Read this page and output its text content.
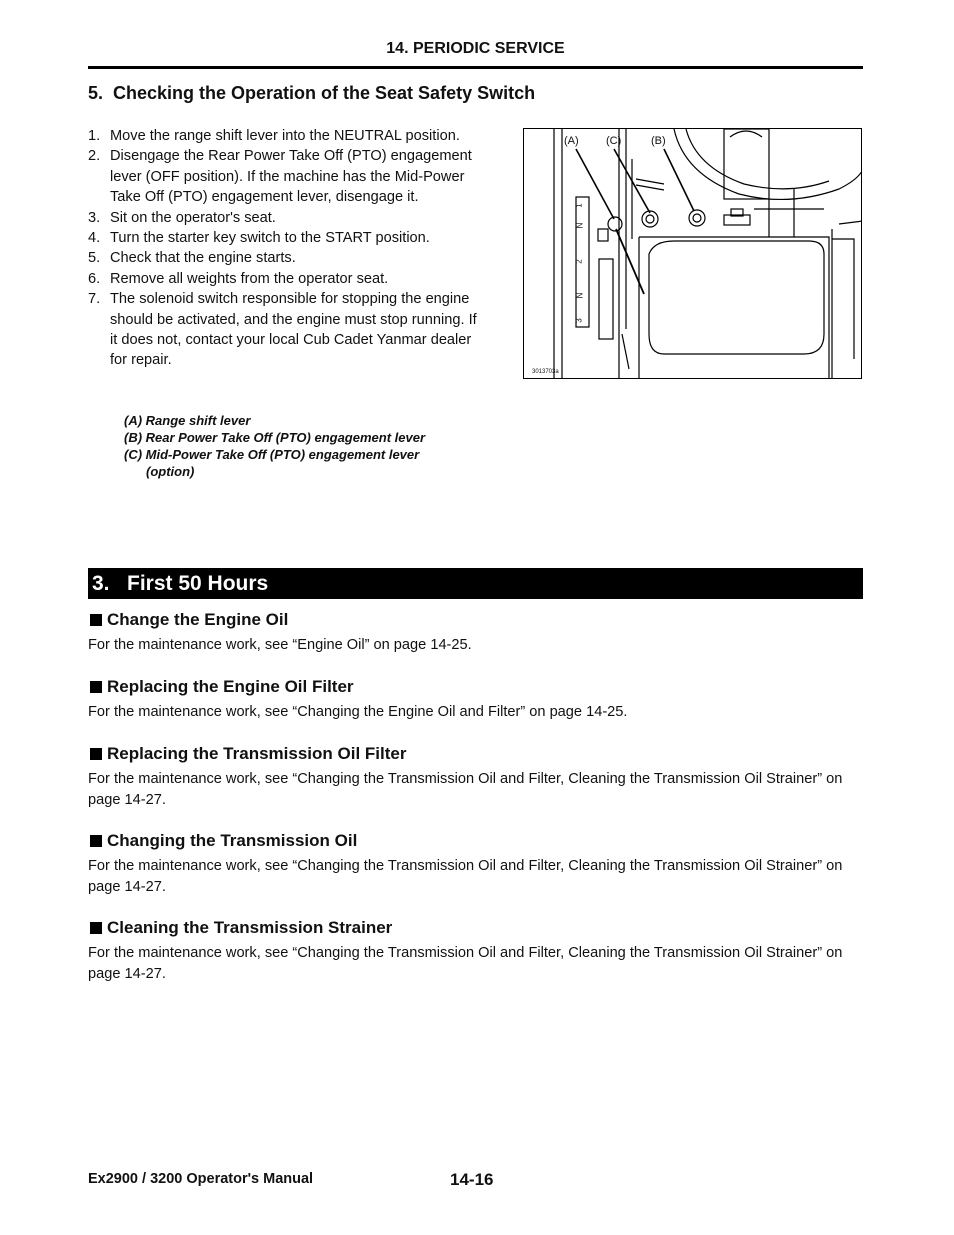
14. PERIODIC SERVICE
5.  Checking the Operation of the Seat Safety Switch
1. Move the range shift lever into the NEUTRAL position.
2. Disengage the Rear Power Take Off (PTO) engagement lever (OFF position). If the machine has the Mid-Power Take Off (PTO) engagement lever, disengage it.
3. Sit on the operator's seat.
4. Turn the starter key switch to the START position.
5. Check that the engine starts.
6. Remove all weights from the operator seat.
7. The solenoid switch responsible for stopping the engine should be activated, and the engine must stop running. If it does not, contact your local Cub Cadet Yanmar dealer for repair.
(A) Range shift lever
(B) Rear Power Take Off (PTO) engagement lever
(C) Mid-Power Take Off (PTO) engagement lever (option)
(A) (C)	(B)
1
N
2
N
3
3013703a
3.   First 50 Hours
Change the Engine Oil

For the maintenance work, see “Engine Oil” on page 14-25.

Replacing the Engine Oil Filter

For the maintenance work, see “Changing the Engine Oil and Filter” on page 14-25.

Replacing the Transmission Oil Filter

For the maintenance work, see “Changing the Transmission Oil and Filter, Cleaning the Transmission Oil Strainer” on page 14-27.

Changing the Transmission Oil

For the maintenance work, see “Changing the Transmission Oil and Filter, Cleaning the Transmission Oil Strainer” on page 14-27.

Cleaning the Transmission Strainer

For the maintenance work, see “Changing the Transmission Oil and Filter, Cleaning the Transmission Oil Strainer” on page 14-27.

Ex2900 / 3200 Operator's Manual	14-16
